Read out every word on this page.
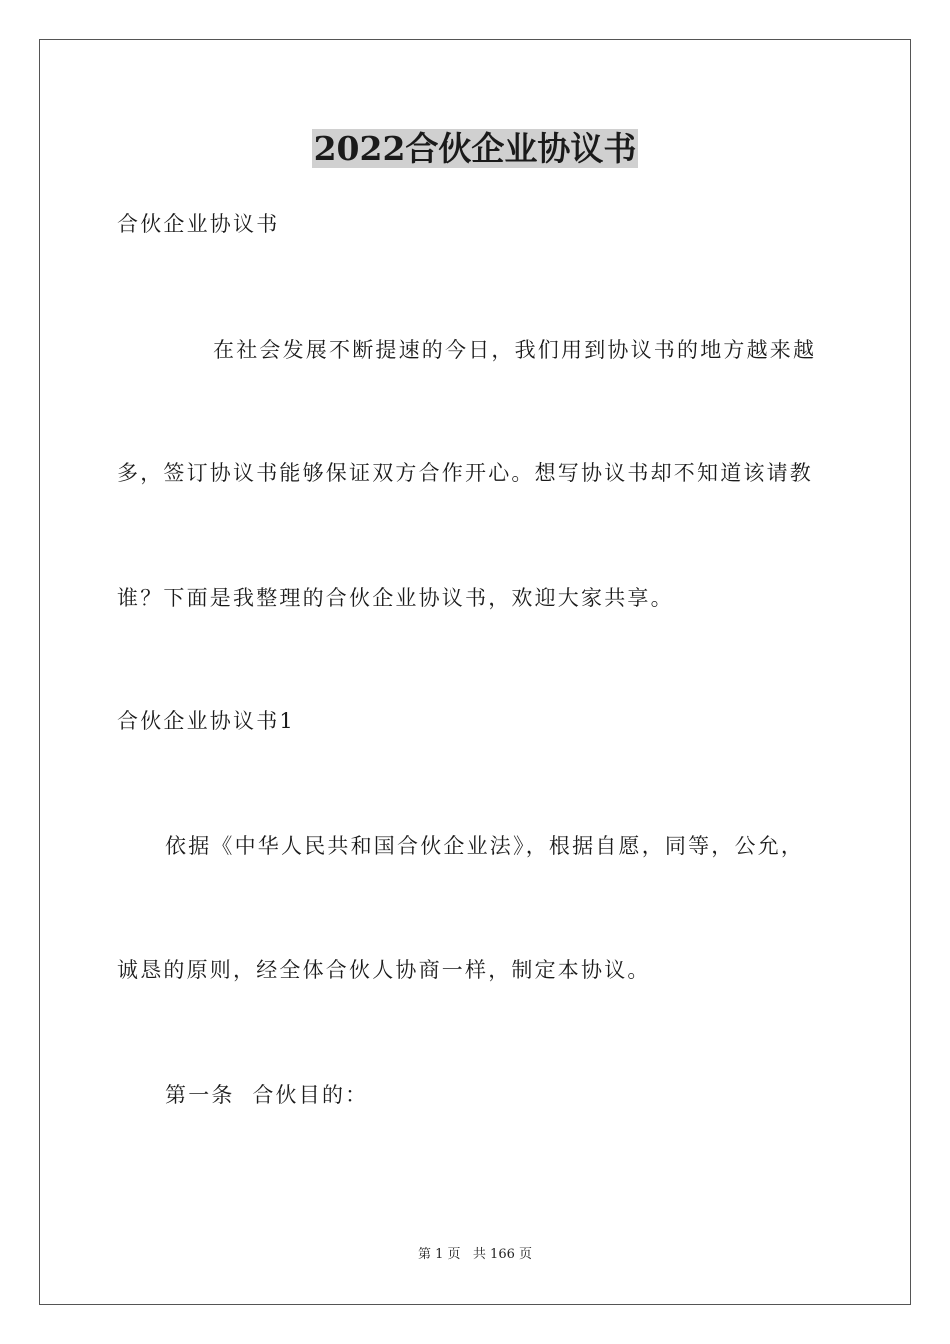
2022合伙企业协议书
合伙企业协议书
在社会发展不断提速的今日，我们用到协议书的地方越来越
多，签订协议书能够保证双方合作开心。想写协议书却不知道该请教
谁？下面是我整理的合伙企业协议书，欢迎大家共享。
合伙企业协议书1
依据《中华人民共和国合伙企业法》，根据自愿，同等，公允，
诚恳的原则，经全体合伙人协商一样，制定本协议。
第一条  合伙目的：
第 1 页   共 166 页
